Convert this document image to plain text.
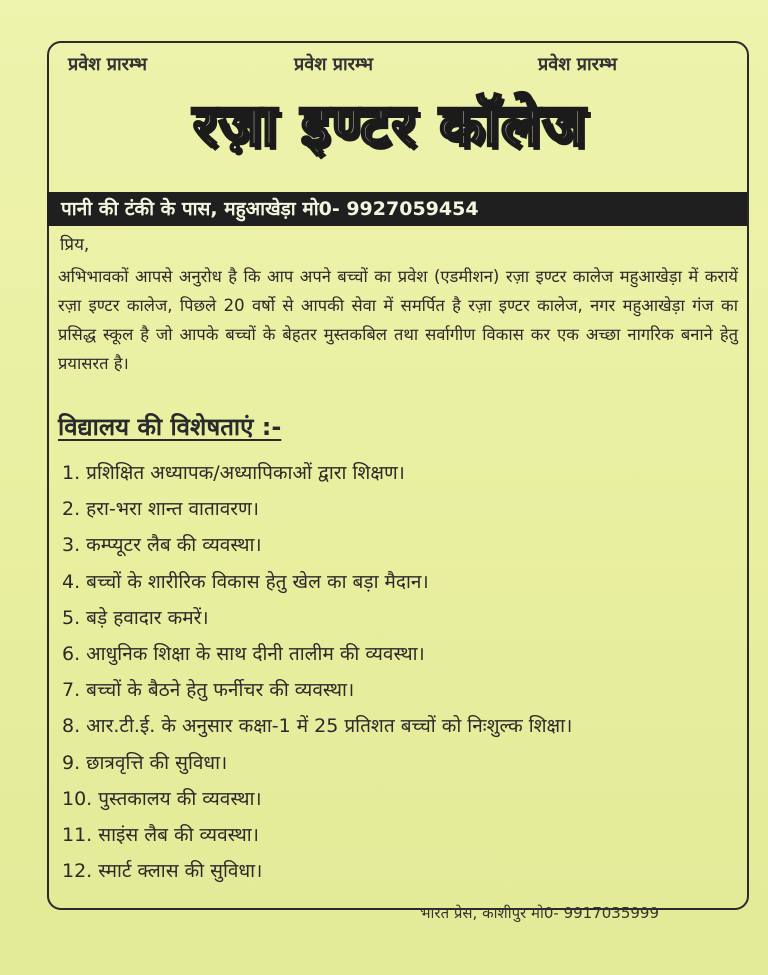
प्रवेश प्रारम्भ	प्रवेश प्रारम्भ	प्रवेश प्रारम्भ
रज़ा इण्टर कॉलेज
पानी की टंकी के पास, महुआखेड़ा मो0- 9927059454
प्रिय,
अभिभावकों आपसे अनुरोध है कि आप अपने बच्चों का प्रवेश (एडमीशन) रज़ा इण्टर कालेज महुआखेड़ा में करायें रज़ा इण्टर कालेज, पिछले 20 वर्षो से आपकी सेवा में समर्पित है रज़ा इण्टर कालेज, नगर महुआखेड़ा गंज का प्रसिद्ध स्कूल है जो आपके बच्चों के बेहतर मुस्तकबिल तथा सर्वागीण विकास कर एक अच्छा नागरिक बनाने हेतु प्रयासरत है।
विद्यालय की विशेषताएं :-
1. प्रशिक्षित अध्यापक/अध्यापिकाओं द्वारा शिक्षण।
2. हरा-भरा शान्त वातावरण।
3. कम्प्यूटर लैब की व्यवस्था।
4. बच्चों के शारीरिक विकास हेतु खेल का बड़ा मैदान।
5. बड़े हवादार कमरें।
6. आधुनिक शिक्षा के साथ दीनी तालीम की व्यवस्था।
7. बच्चों के बैठने हेतु फर्नीचर की व्यवस्था।
8. आर.टी.ई. के अनुसार कक्षा-1 में 25 प्रतिशत बच्चों को निःशुल्क शिक्षा।
9. छात्रवृत्ति की सुविधा।
10. पुस्तकालय की व्यवस्था।
11. साइंस लैब की व्यवस्था।
12. स्मार्ट क्लास की सुविधा।
भारत प्रेस, काशीपुर मो0- 9917035999
